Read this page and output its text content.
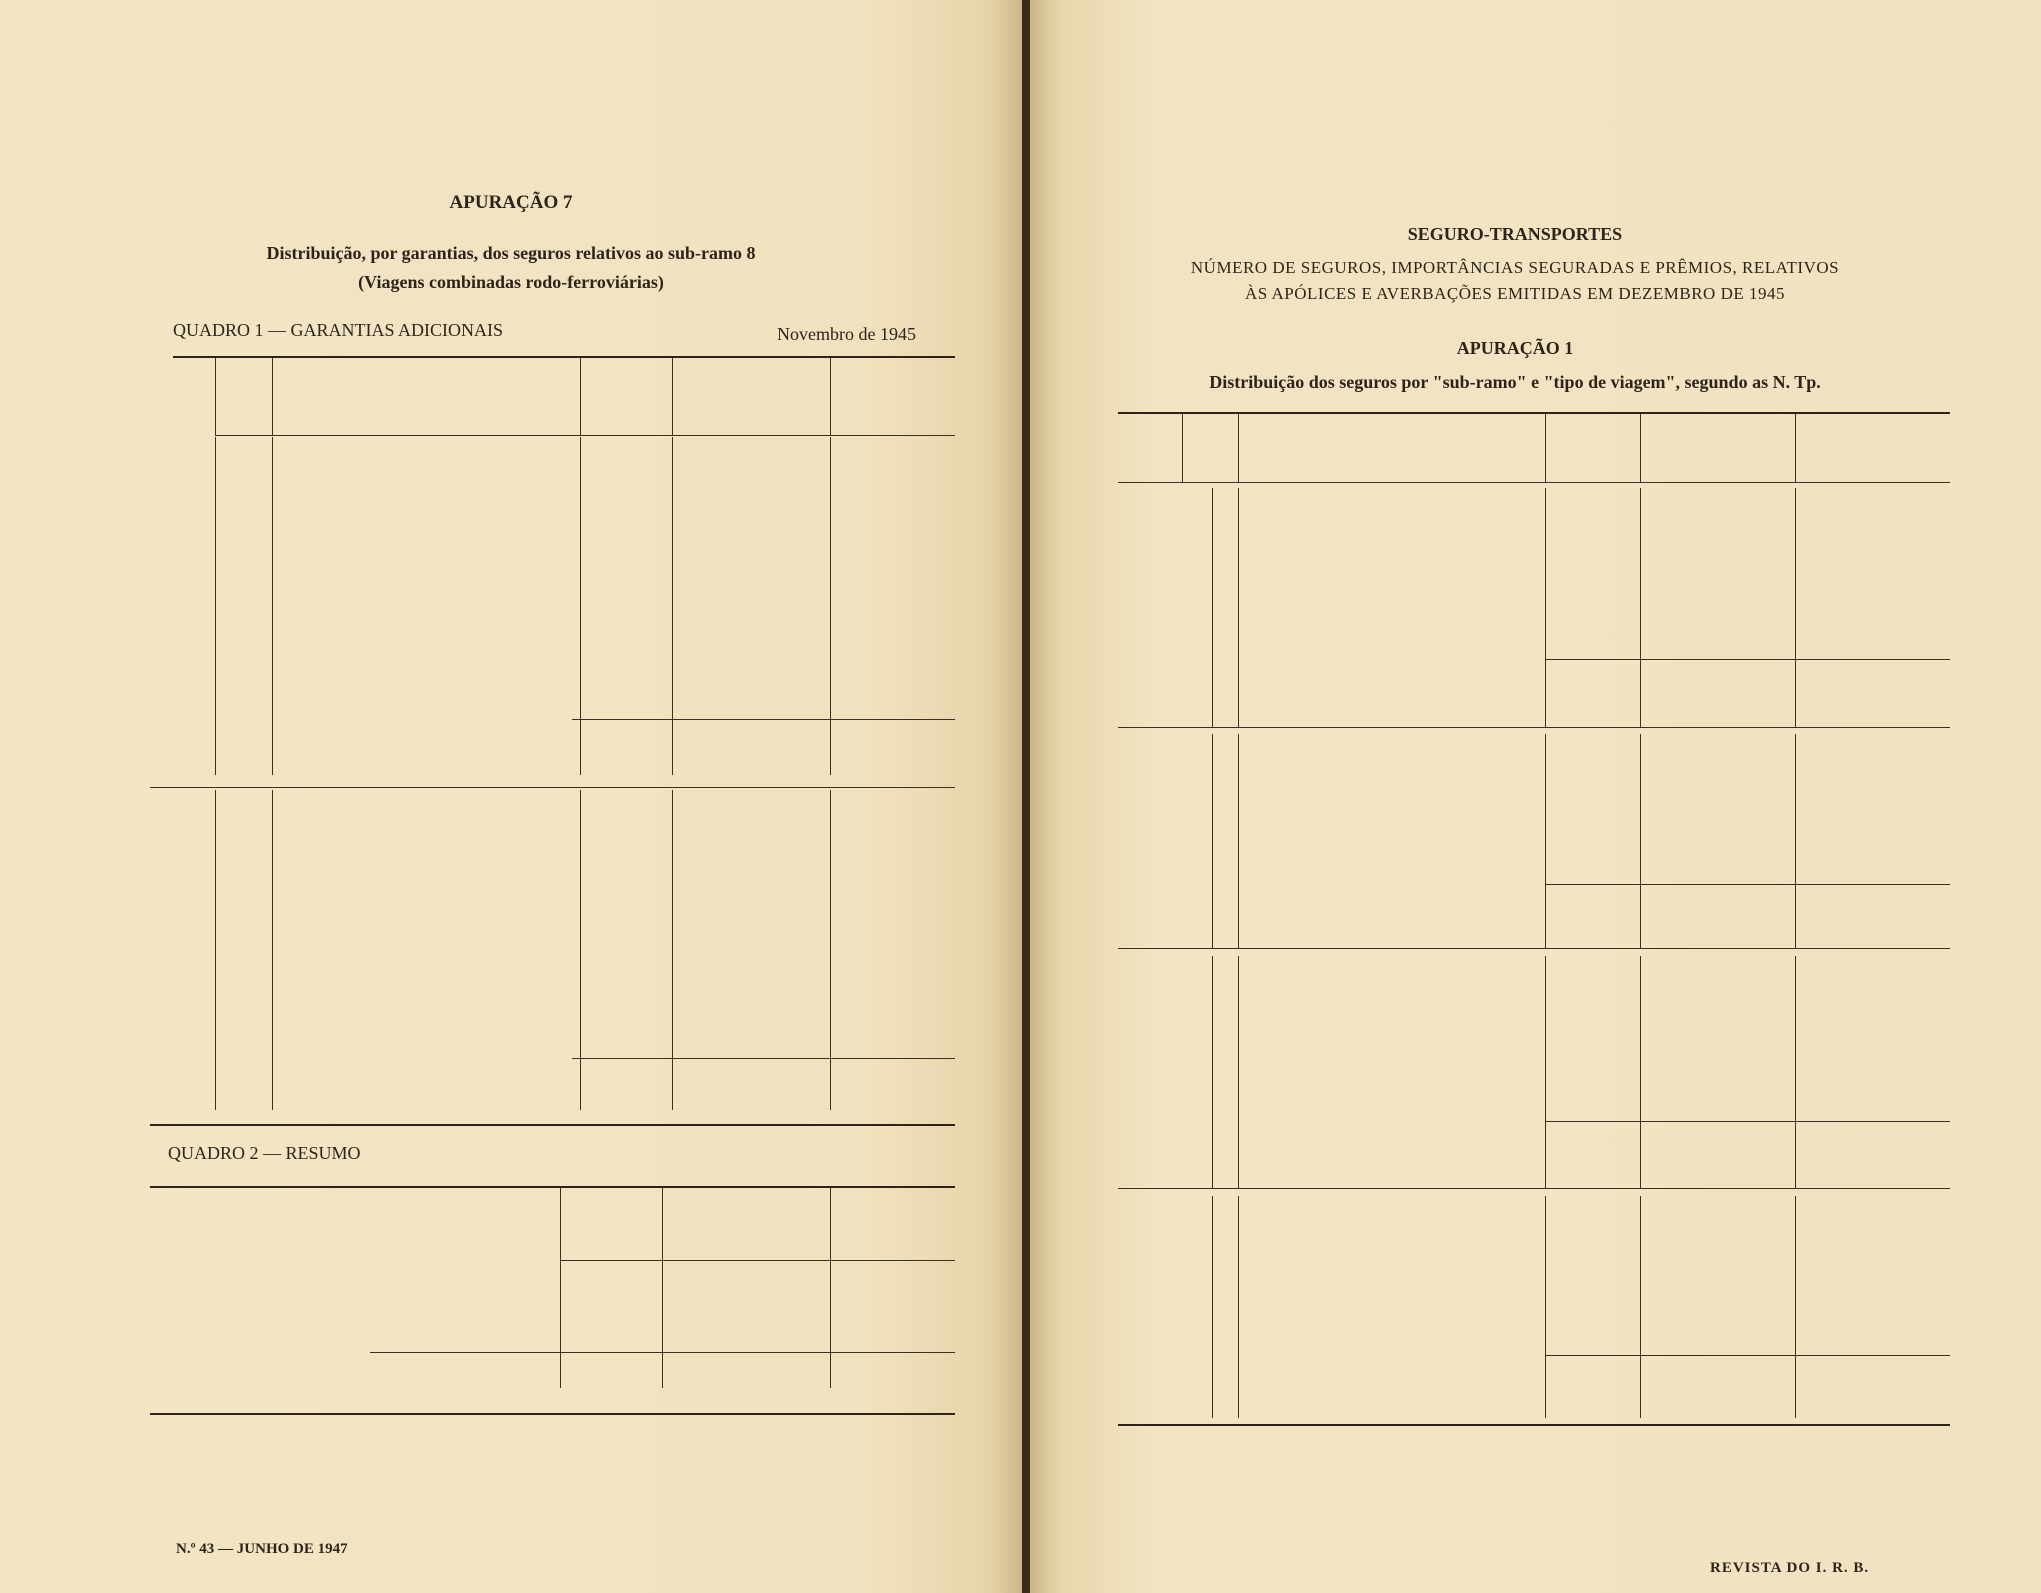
APURAÇÃO 7
Distribuição, por garantias, dos seguros relativos ao sub-ramo 8
(Viagens combinadas rodo-ferroviárias)
QUADRO 1 — GARANTIAS ADICIONAIS	Novembro de 1945
QUADRO 2 — RESUMO
N.º 43 — JUNHO DE 1947
SEGURO-TRANSPORTES
NÚMERO DE SEGUROS, IMPORTÂNCIAS SEGURADAS E PRÊMIOS, RELATIVOS
ÀS APÓLICES E AVERBAÇÕES EMITIDAS EM DEZEMBRO DE 1945
APURAÇÃO 1
Distribuição dos seguros por "sub-ramo" e "tipo de viagem", segundo as N. Tp.
REVISTA DO I. R. B.
